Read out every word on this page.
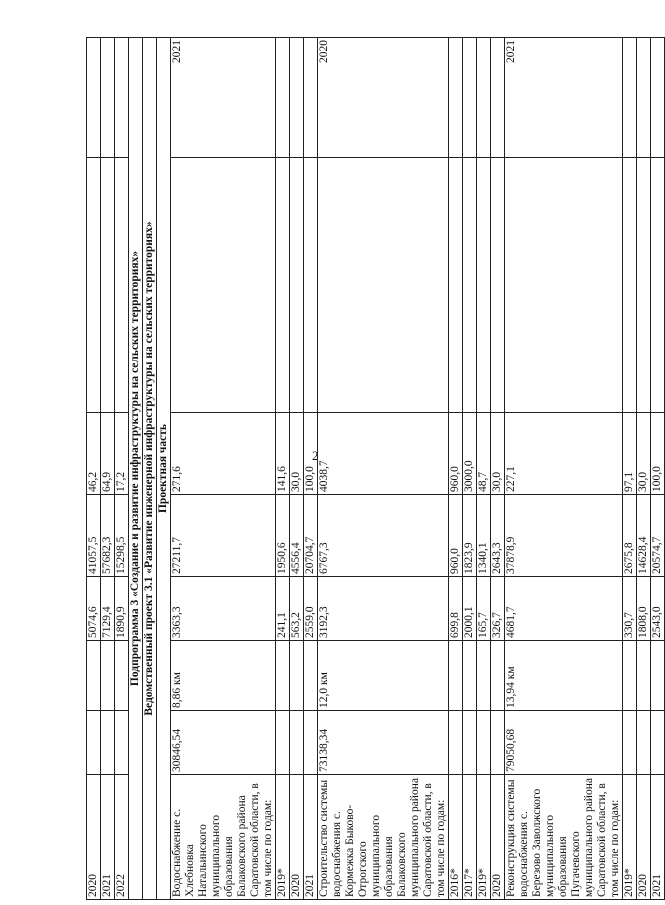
2
2020			5074,6	41057,5	46,2		
2021			7129,4	57682,3	64,9		
2022			1890,9	15298,5	17,2		
Подпрограмма 3 «Создание и развитие инфраструктуры на сельских территориях»							
Ведомственный проект 3.1 «Развитие инженерной инфраструктуры на сельских территориях»							
Проектная часть							
Водоснабжение с. Хлебновка Натальинского муниципального образования Балаковского района Саратовской области, в том числе по годам:	30846,54	8,86 км	3363,3	27211,7	271,6		2021
2019*			241,1	1950,6	141,6		
2020			563,2	4556,4	30,0		
2021			2559,0	20704,7	100,0		
Строительство системы водоснабжения с. Кормежка Быково-Отрогского муниципального образования Балаковского муниципального района Саратовской области, в том числе по годам:	73138,34	12,0 км	3192,3	6767,3	4038,7		2020
2016*			699,8	960,0	960,0		
2017*			2000,1	1823,9	3000,0		
2019*			165,7	1340,1	48,7		
2020			326,7	2643,3	30,0		
Реконструкция системы водоснабжения с. Березово Заволжского муниципального образования Пугачевского муниципального района Саратовской области, в том числе по годам:	79050,68	13,94 км	4681,7	37878,9	227,1		2021
2019*			330,7	2675,8	97,1		
2020			1808,0	14628,4	30,0		
2021			2543,0	20574,7	100,0		
